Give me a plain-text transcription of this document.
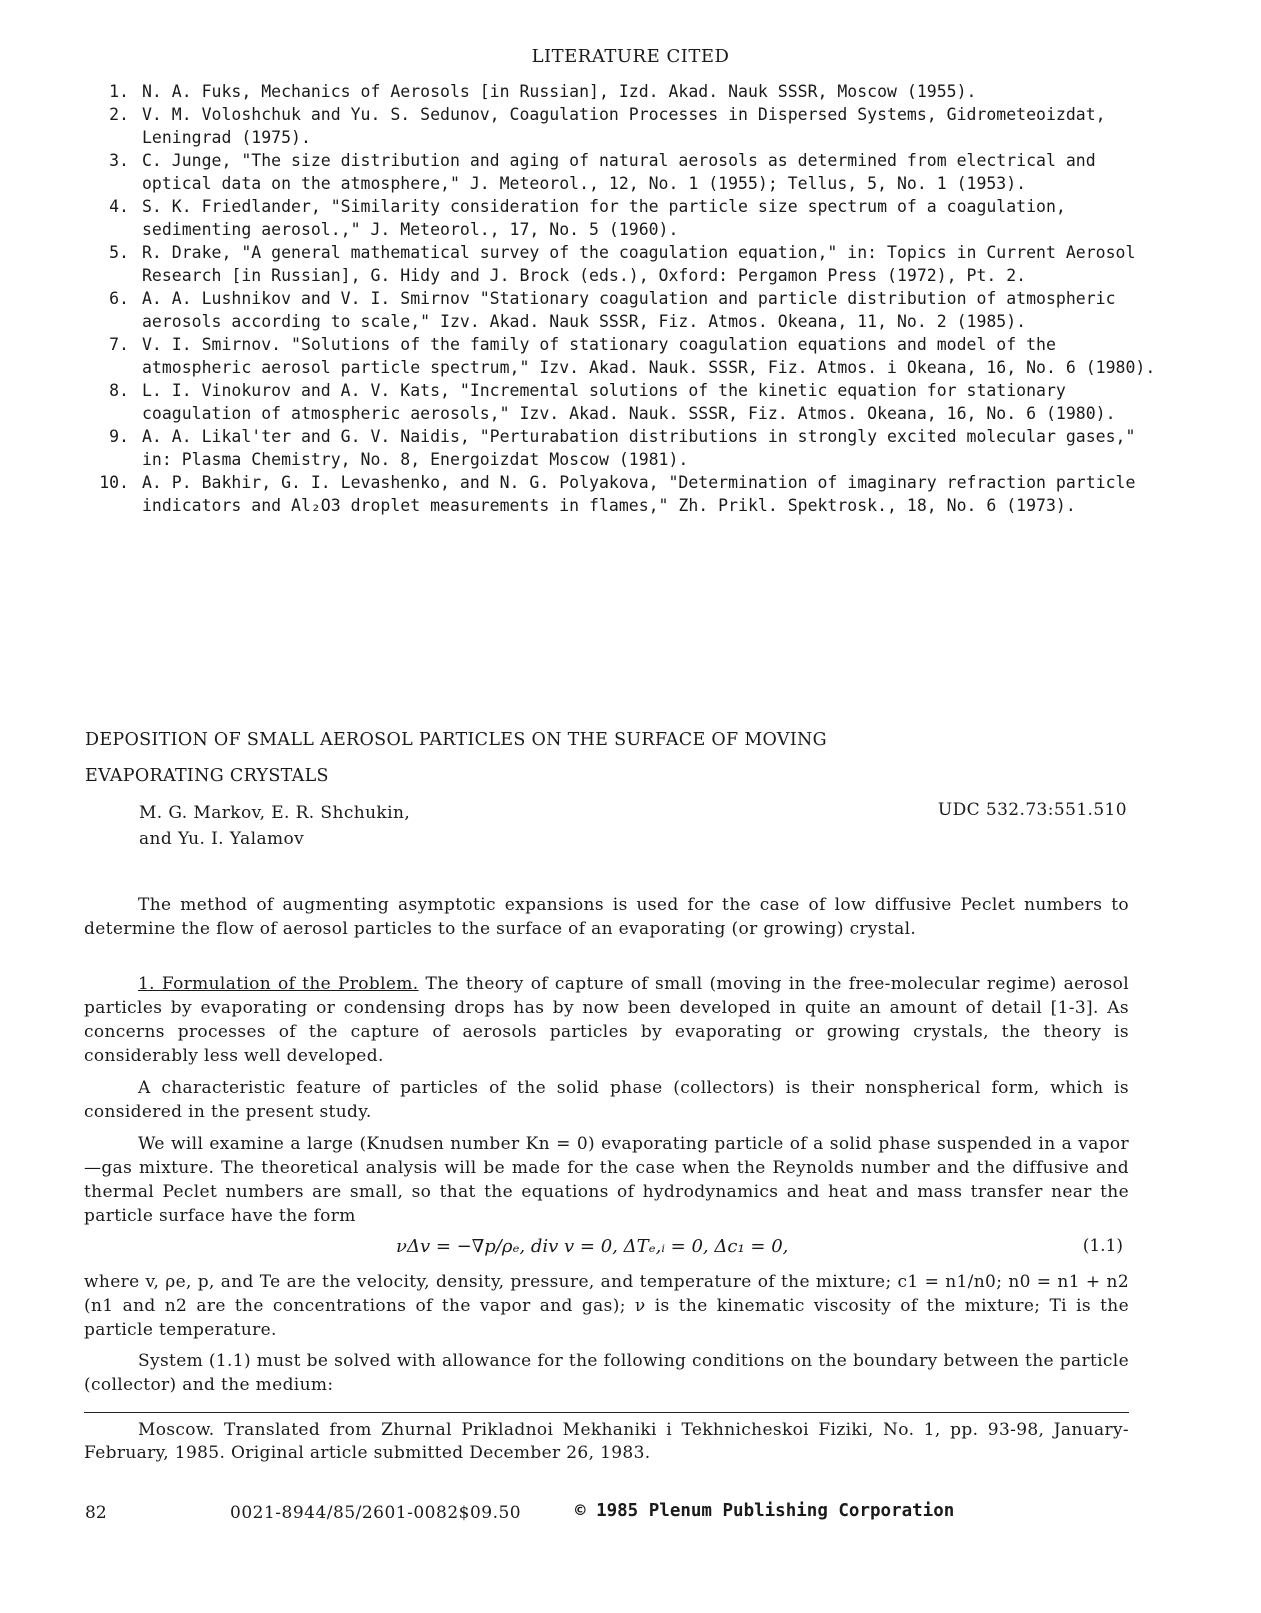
LITERATURE CITED
1. N. A. Fuks, Mechanics of Aerosols [in Russian], Izd. Akad. Nauk SSSR, Moscow (1955).
2. V. M. Voloshchuk and Yu. S. Sedunov, Coagulation Processes in Dispersed Systems, Gidrometeoizdat, Leningrad (1975).
3. C. Junge, "The size distribution and aging of natural aerosols as determined from electrical and optical data on the atmosphere," J. Meteorol., 12, No. 1 (1955); Tellus, 5, No. 1 (1953).
4. S. K. Friedlander, "Similarity consideration for the particle size spectrum of a coagulation, sedimenting aerosol.," J. Meteorol., 17, No. 5 (1960).
5. R. Drake, "A general mathematical survey of the coagulation equation," in: Topics in Current Aerosol Research [in Russian], G. Hidy and J. Brock (eds.), Oxford: Pergamon Press (1972), Pt. 2.
6. A. A. Lushnikov and V. I. Smirnov "Stationary coagulation and particle distribution of atmospheric aerosols according to scale," Izv. Akad. Nauk SSSR, Fiz. Atmos. Okeana, 11, No. 2 (1985).
7. V. I. Smirnov. "Solutions of the family of stationary coagulation equations and model of the atmospheric aerosol particle spectrum," Izv. Akad. Nauk. SSSR, Fiz. Atmos. i Okeana, 16, No. 6 (1980).
8. L. I. Vinokurov and A. V. Kats, "Incremental solutions of the kinetic equation for stationary coagulation of atmospheric aerosols," Izv. Akad. Nauk. SSSR, Fiz. Atmos. Okeana, 16, No. 6 (1980).
9. A. A. Likal'ter and G. V. Naidis, "Perturabation distributions in strongly excited molecular gases," in: Plasma Chemistry, No. 8, Energoizdat Moscow (1981).
10. A. P. Bakhir, G. I. Levashenko, and N. G. Polyakova, "Determination of imaginary refraction particle indicators and Al₂O3 droplet measurements in flames," Zh. Prikl. Spektrosk., 18, No. 6 (1973).
DEPOSITION OF SMALL AEROSOL PARTICLES ON THE SURFACE OF MOVING
EVAPORATING CRYSTALS
M. G. Markov, E. R. Shchukin,
and Yu. I. Yalamov
UDC 532.73:551.510

The method of augmenting asymptotic expansions is used for the case of low diffusive Peclet numbers to determine the flow of aerosol particles to the surface of an evaporating (or growing) crystal.

1. Formulation of the Problem. The theory of capture of small (moving in the free-molecular regime) aerosol particles by evaporating or condensing drops has by now been developed in quite an amount of detail [1-3]. As concerns processes of the capture of aerosols particles by evaporating or growing crystals, the theory is considerably less well developed.

A characteristic feature of particles of the solid phase (collectors) is their nonspherical form, which is considered in the present study.

We will examine a large (Knudsen number Kn = 0) evaporating particle of a solid phase suspended in a vapor—gas mixture. The theoretical analysis will be made for the case when the Reynolds number and the diffusive and thermal Peclet numbers are small, so that the equations of hydrodynamics and heat and mass transfer near the particle surface have the form

νΔv = −∇p/ρₑ, div v = 0, ΔTₑ,ᵢ = 0, Δc₁ = 0,	(1.1)

where v, ρe, p, and Te are the velocity, density, pressure, and temperature of the mixture; c1 = n1/n0; n0 = n1 + n2 (n1 and n2 are the concentrations of the vapor and gas); ν is the kinematic viscosity of the mixture; Ti is the particle temperature.

System (1.1) must be solved with allowance for the following conditions on the boundary between the particle (collector) and the medium:

Moscow. Translated from Zhurnal Prikladnoi Mekhaniki i Tekhnicheskoi Fiziki, No. 1, pp. 93-98, January-February, 1985. Original article submitted December 26, 1983.
82	0021-8944/85/2601-0082$09.50	© 1985 Plenum Publishing Corporation
